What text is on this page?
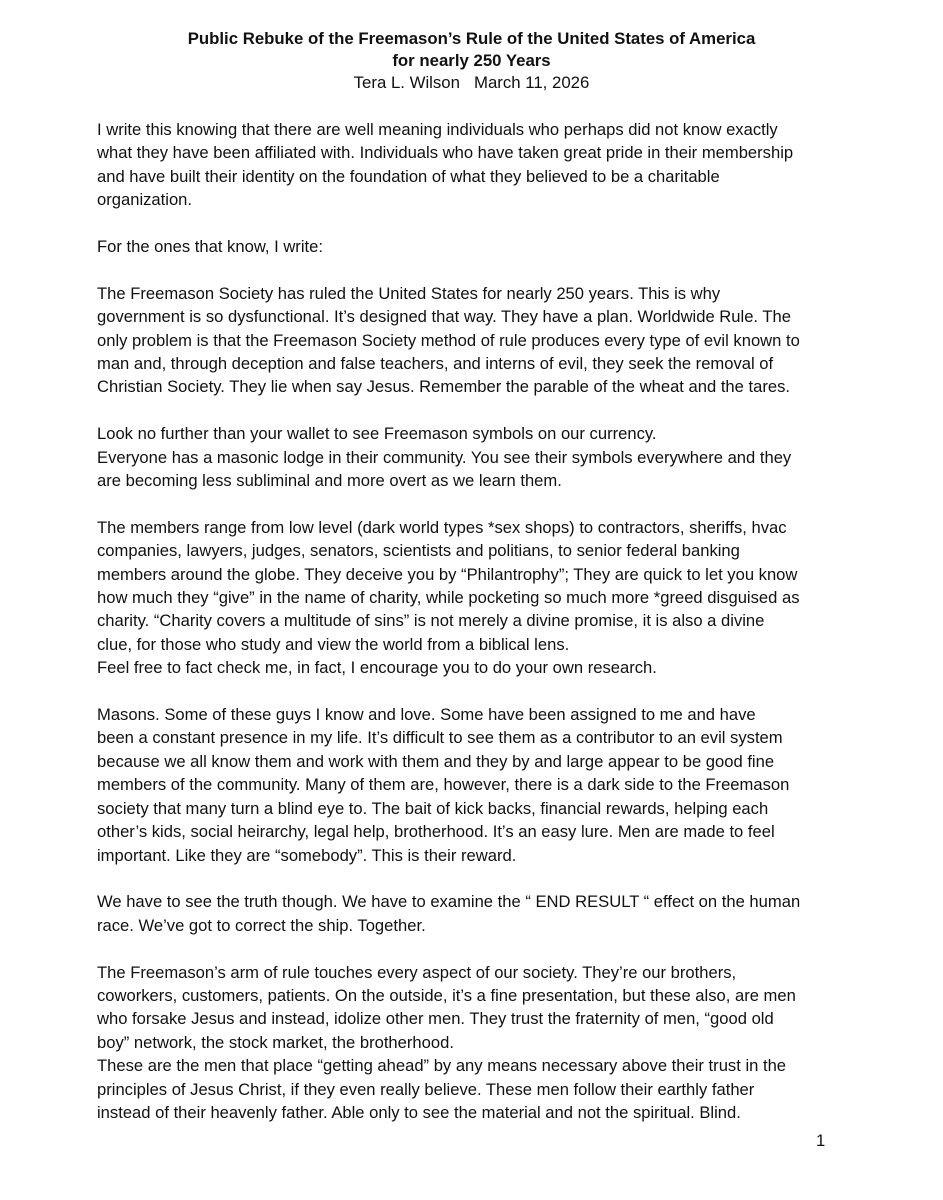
Public Rebuke of the Freemason’s Rule of the United States of America

for nearly 250 Years

Tera L. Wilson March 11, 2026

I write this knowing that there are well meaning individuals who perhaps did not know exactly
what they have been affiliated with. Individuals who have taken great pride in their membership
and have built their identity on the foundation of what they believed to be a charitable
organization.
For the ones that know, I write:
The Freemason Society has ruled the United States for nearly 250 years. This is why
government is so dysfunctional. It’s designed that way. They have a plan. Worldwide Rule. The
only problem is that the Freemason Society method of rule produces every type of evil known to
man and, through deception and false teachers, and interns of evil, they seek the removal of
Christian Society. They lie when say Jesus. Remember the parable of the wheat and the tares.
Look no further than your wallet to see Freemason symbols on our currency.
Everyone has a masonic lodge in their community. You see their symbols everywhere and they
are becoming less subliminal and more overt as we learn them.
The members range from low level (dark world types *sex shops) to contractors, sheriffs, hvac
companies, lawyers, judges, senators, scientists and politians, to senior federal banking
members around the globe. They deceive you by “Philantrophy”; They are quick to let you know
how much they “give” in the name of charity, while pocketing so much more *greed disguised as
charity. “Charity covers a multitude of sins” is not merely a divine promise, it is also a divine
clue, for those who study and view the world from a biblical lens.
Feel free to fact check me, in fact, I encourage you to do your own research.
Masons. Some of these guys I know and love. Some have been assigned to me and have
been a constant presence in my life. It’s difficult to see them as a contributor to an evil system
because we all know them and work with them and they by and large appear to be good fine
members of the community. Many of them are, however, there is a dark side to the Freemason
society that many turn a blind eye to. The bait of kick backs, financial rewards, helping each
other’s kids, social heirarchy, legal help, brotherhood. It’s an easy lure. Men are made to feel
important. Like they are “somebody”. This is their reward.
We have to see the truth though. We have to examine the “ END RESULT “ effect on the human
race. We’ve got to correct the ship. Together.
The Freemason’s arm of rule touches every aspect of our society. They’re our brothers,
coworkers, customers, patients. On the outside, it’s a fine presentation, but these also, are men
who forsake Jesus and instead, idolize other men. They trust the fraternity of men, “good old
boy” network, the stock market, the brotherhood.
These are the men that place “getting ahead” by any means necessary above their trust in the
principles of Jesus Christ, if they even really believe. These men follow their earthly father
instead of their heavenly father. Able only to see the material and not the spiritual. Blind.
1
